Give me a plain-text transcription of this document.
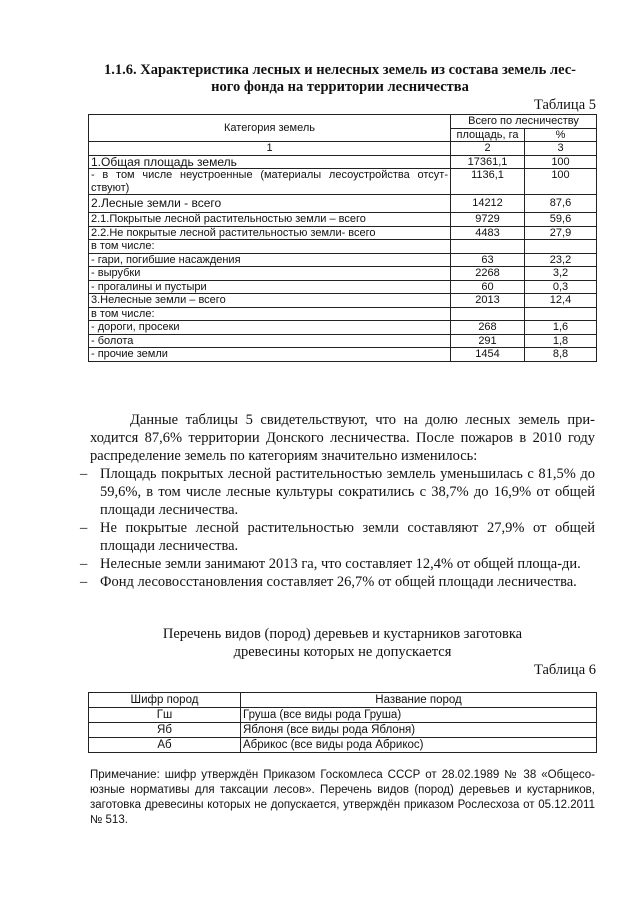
1.1.6. Характеристика лесных и нелесных земель из состава земель лес-
ного фонда на территории лесничества
Таблица 5
Категория земель	Всего по лесничеству	
	площадь, га	%
1	2	3
1.Общая площадь земель	17361,1	100
- в том числе неустроенные (материалы лесоустройства отсут-ствуют)	1136,1	100
2.Лесные земли - всего	14212	87,6
2.1.Покрытые лесной растительностью земли – всего	9729	59,6
2.2.Не покрытые лесной растительностью земли- всего	4483	27,9
в том числе:		
- гари, погибшие насаждения	63	23,2
- вырубки	2268	3,2
- прогалины и пустыри	60	0,3
3.Нелесные земли – всего	2013	12,4
в том числе:		
- дороги, просеки	268	1,6
- болота	291	1,8
- прочие земли	1454	8,8
Данные таблицы 5 свидетельствуют, что на долю лесных земель при-ходится 87,6% территории Донского лесничества. После пожаров в 2010 году распределение земель по категориям значительно изменилось:
– Площадь покрытых лесной растительностью землель уменьшилась с 81,5% до 59,6%, в том числе лесные культуры сократились с 38,7% до 16,9% от общей площади лесничества.
– Не покрытые лесной растительностью земли составляют 27,9% от общей площади лесничества.
– Нелесные земли занимают 2013 га, что составляет 12,4% от общей площа-ди.
– Фонд лесовосстановления составляет 26,7% от общей площади лесничества.
Перечень видов (пород) деревьев и кустарников заготовка
древесины которых не допускается
Таблица 6
Шифр пород	Название пород
Гш	Груша (все виды рода Груша)
Яб	Яблоня (все виды рода Яблоня)
Аб	Абрикос (все виды рода Абрикос)
Примечание: шифр утверждён Приказом Госкомлеса СССР от 28.02.1989 № 38 «Общесо-юзные нормативы для таксации лесов». Перечень видов (пород) деревьев и кустарников, заготовка древесины которых не допускается, утверждён приказом Рослесхоза от 05.12.2011 № 513.
